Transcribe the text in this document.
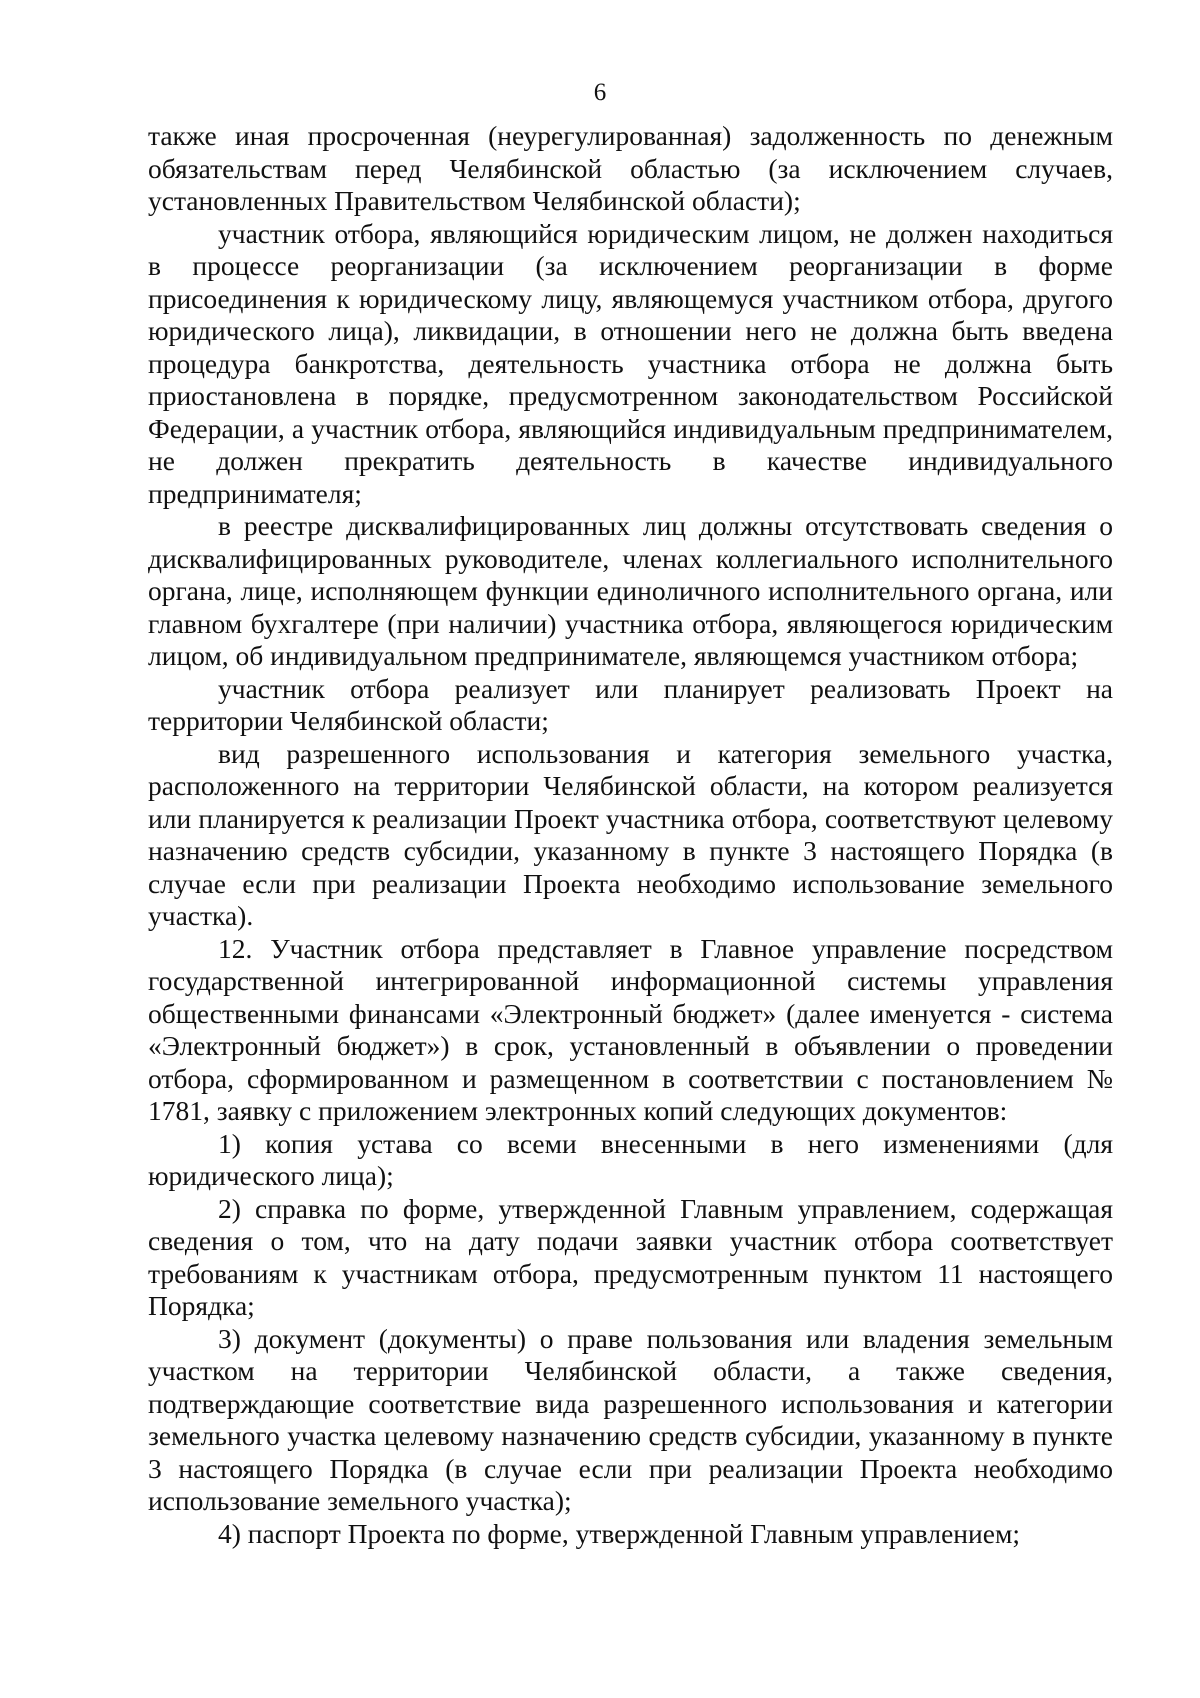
6

также иная просроченная (неурегулированная) задолженность по денежным обязательствам перед Челябинской областью (за исключением случаев, установленных Правительством Челябинской области);

участник отбора, являющийся юридическим лицом, не должен находиться в процессе реорганизации (за исключением реорганизации в форме присоединения к юридическому лицу, являющемуся участником отбора, другого юридического лица), ликвидации, в отношении него не должна быть введена процедура банкротства, деятельность участника отбора не должна быть приостановлена в порядке, предусмотренном законодательством Российской Федерации, а участник отбора, являющийся индивидуальным предпринимателем, не должен прекратить деятельность в качестве индивидуального предпринимателя;

в реестре дисквалифицированных лиц должны отсутствовать сведения о дисквалифицированных руководителе, членах коллегиального исполнительного органа, лице, исполняющем функции единоличного исполнительного органа, или главном бухгалтере (при наличии) участника отбора, являющегося юридическим лицом, об индивидуальном предпринимателе, являющемся участником отбора;

участник отбора реализует или планирует реализовать Проект на территории Челябинской области;

вид разрешенного использования и категория земельного участка, расположенного на территории Челябинской области, на котором реализуется или планируется к реализации Проект участника отбора, соответствуют целевому назначению средств субсидии, указанному в пункте 3 настоящего Порядка (в случае если при реализации Проекта необходимо использование земельного участка).

12. Участник отбора представляет в Главное управление посредством государственной интегрированной информационной системы управления общественными финансами «Электронный бюджет» (далее именуется - система «Электронный бюджет») в срок, установленный в объявлении о проведении отбора, сформированном и размещенном в соответствии с постановлением № 1781, заявку с приложением электронных копий следующих документов:

1) копия устава со всеми внесенными в него изменениями (для юридического лица);

2) справка по форме, утвержденной Главным управлением, содержащая сведения о том, что на дату подачи заявки участник отбора соответствует требованиям к участникам отбора, предусмотренным пунктом 11 настоящего Порядка;

3) документ (документы) о праве пользования или владения земельным участком на территории Челябинской области, а также сведения, подтверждающие соответствие вида разрешенного использования и категории земельного участка целевому назначению средств субсидии, указанному в пункте 3 настоящего Порядка (в случае если при реализации Проекта необходимо использование земельного участка);

4) паспорт Проекта по форме, утвержденной Главным управлением;
